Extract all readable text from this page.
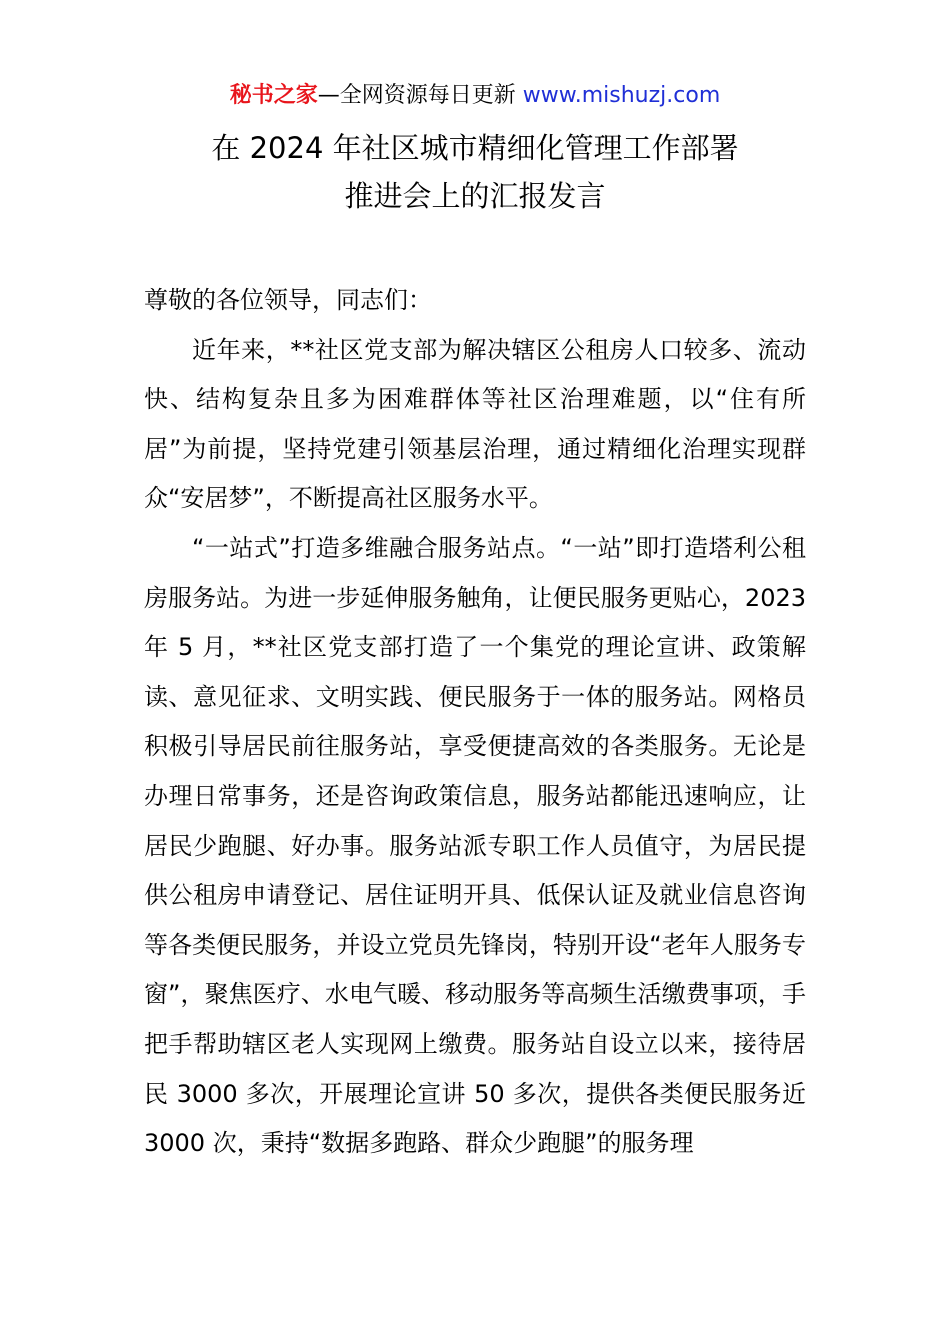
秘书之家—全网资源每日更新 www.mishuzj.com
在 2024 年社区城市精细化管理工作部署
推进会上的汇报发言

尊敬的各位领导，同志们：

近年来，**社区党支部为解决辖区公租房人口较多、流动快、结构复杂且多为困难群体等社区治理难题，以“住有所居”为前提，坚持党建引领基层治理，通过精细化治理实现群众“安居梦”，不断提高社区服务水平。

“一站式”打造多维融合服务站点。“一站”即打造塔利公租房服务站。为进一步延伸服务触角，让便民服务更贴心，2023 年 5 月，**社区党支部打造了一个集党的理论宣讲、政策解读、意见征求、文明实践、便民服务于一体的服务站。网格员积极引导居民前往服务站，享受便捷高效的各类服务。无论是办理日常事务，还是咨询政策信息，服务站都能迅速响应，让居民少跑腿、好办事。服务站派专职工作人员值守，为居民提供公租房申请登记、居住证明开具、低保认证及就业信息咨询等各类便民服务，并设立党员先锋岗，特别开设“老年人服务专窗”，聚焦医疗、水电气暖、移动服务等高频生活缴费事项，手把手帮助辖区老人实现网上缴费。服务站自设立以来，接待居民 3000 多次，开展理论宣讲 50 多次，提供各类便民服务近 3000 次，秉持“数据多跑路、群众少跑腿”的服务理
